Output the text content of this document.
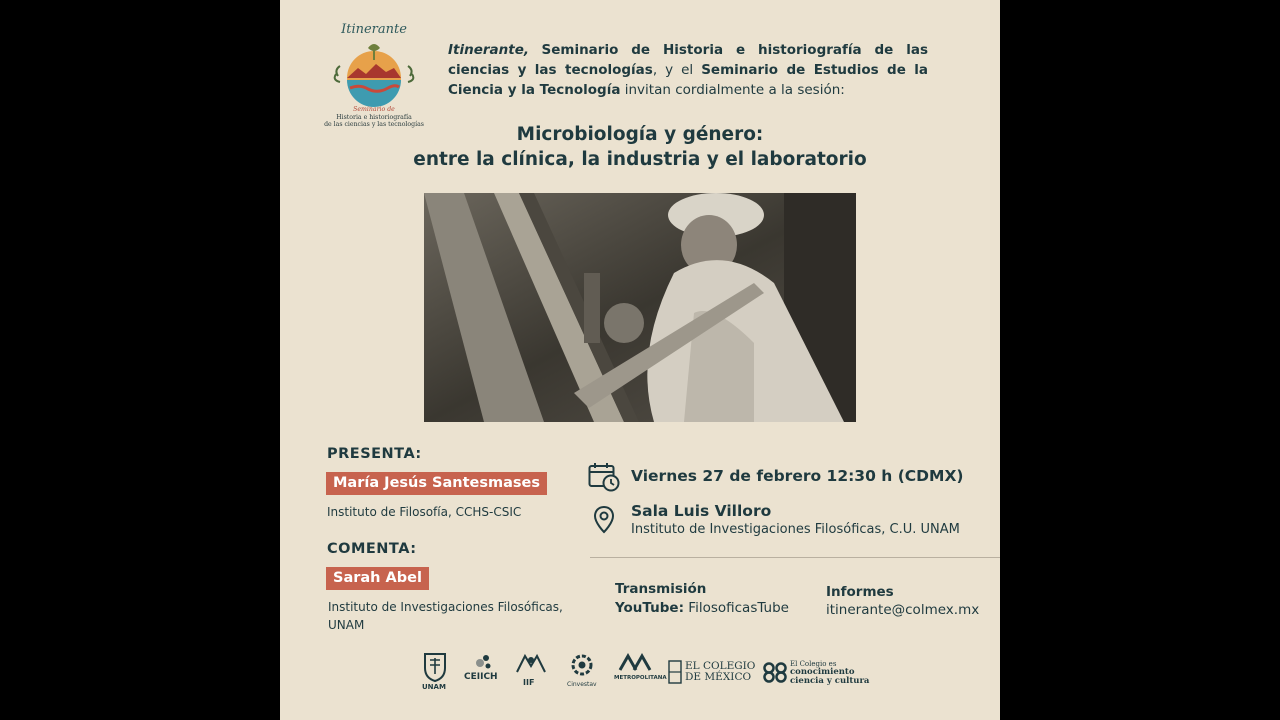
Itinerante
Seminario de
Historia e historiografía
de las ciencias y las tecnologías
Itinerante, Seminario de Historia e historiografía de las ciencias y las tecnologías, y el Seminario de Estudios de la Ciencia y la Tecnología invitan cordialmente a la sesión:
Microbiología y género:
entre la clínica, la industria y el laboratorio
PRESENTA:
María Jesús Santesmases
Instituto de Filosofía, CCHS-CSIC
COMENTA:
Sarah Abel
Instituto de Investigaciones Filosóficas,
UNAM
Viernes 27 de febrero 12:30 h (CDMX)
Sala Luis Villoro
Instituto de Investigaciones Filosóficas, C.U. UNAM
Transmisión
YouTube: FilosoficasTube
Informes
itinerante@colmex.mx
UNAM
CEIICH
IIF	Cinvestav
METROPOLITANA
EL COLEGIO
DE MÉXICO
El Colegio es
conocimiento
ciencia y cultura
